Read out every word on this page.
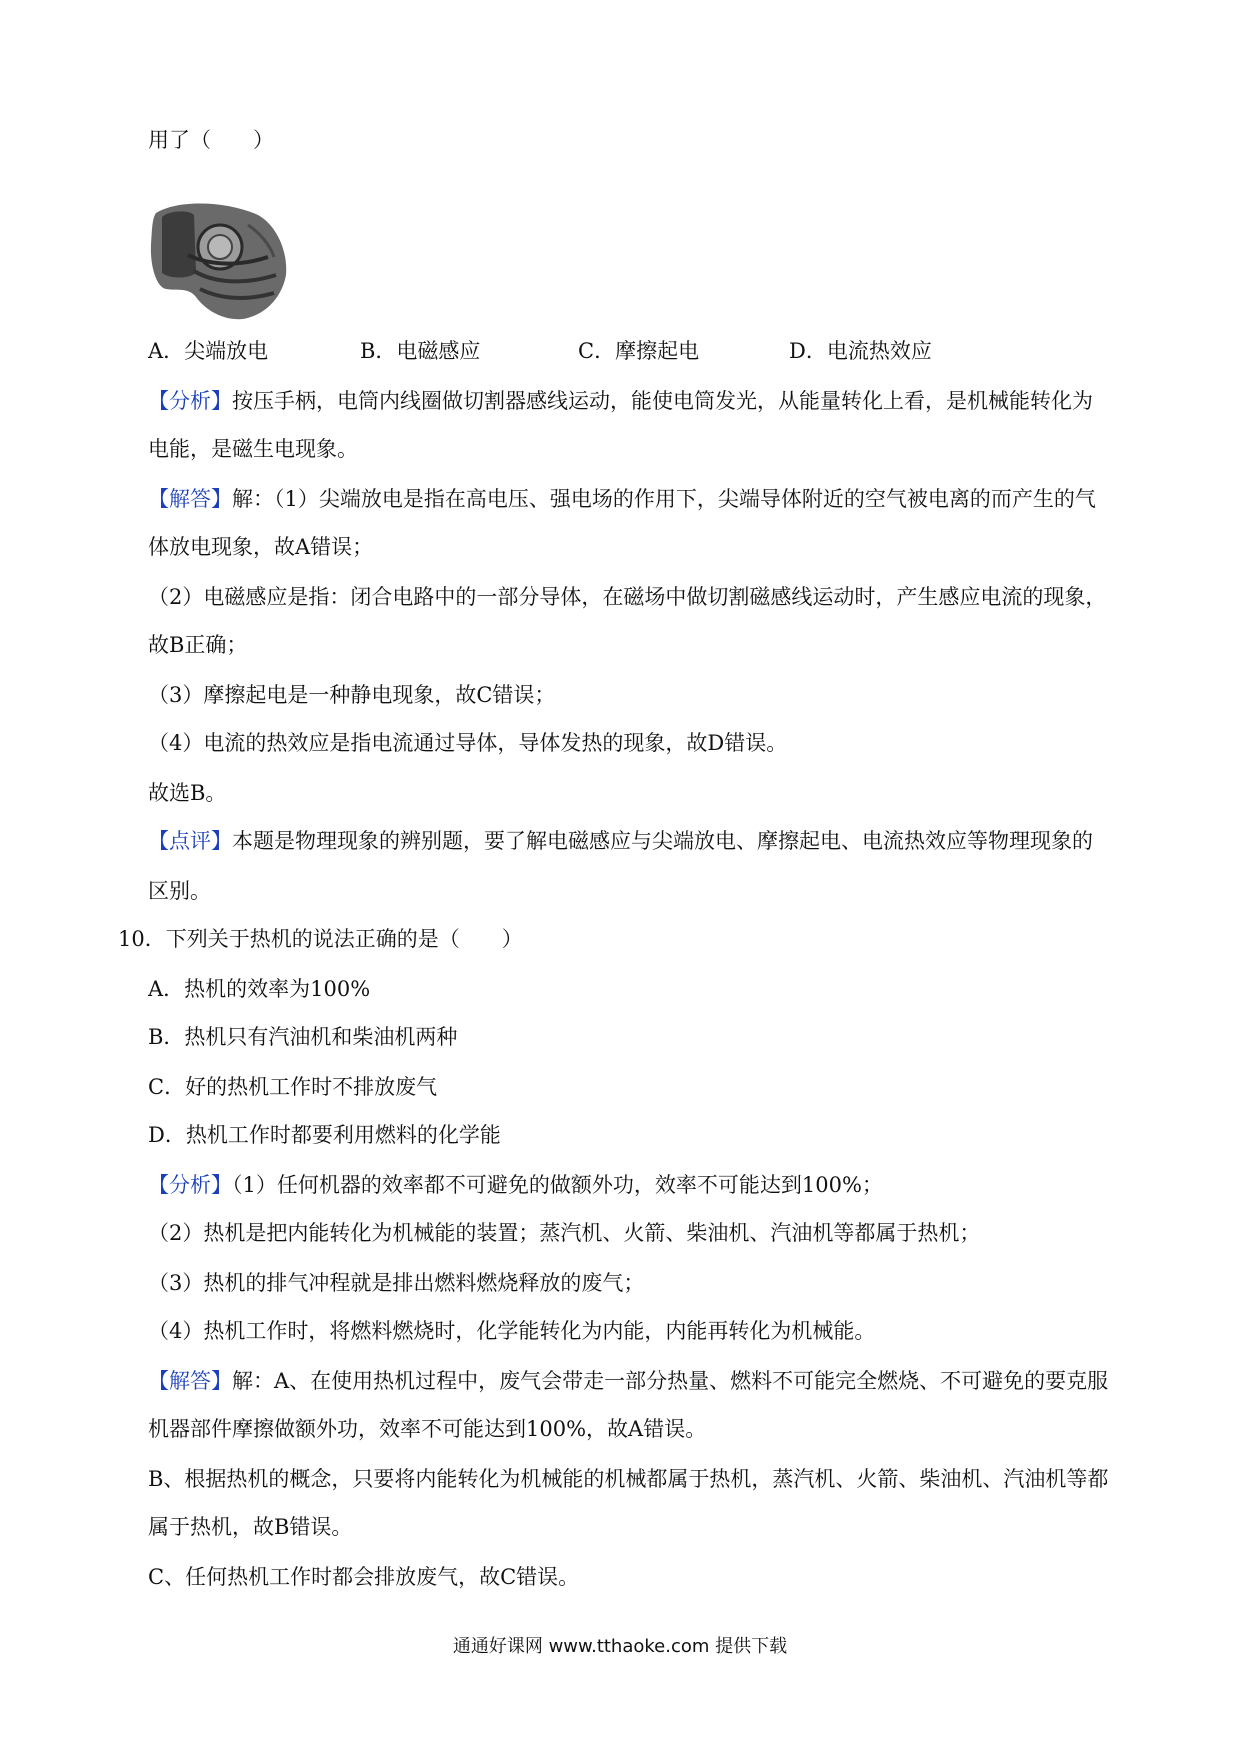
用了（　　）
A．尖端放电	B．电磁感应	C．摩擦起电	D．电流热效应
【分析】按压手柄，电筒内线圈做切割器感线运动，能使电筒发光，从能量转化上看，是机械能转化为
电能，是磁生电现象。
【解答】解：（1）尖端放电是指在高电压、强电场的作用下，尖端导体附近的空气被电离的而产生的气
体放电现象，故A错误；
（2）电磁感应是指：闭合电路中的一部分导体，在磁场中做切割磁感线运动时，产生感应电流的现象，
故B正确；
（3）摩擦起电是一种静电现象，故C错误；
（4）电流的热效应是指电流通过导体，导体发热的现象，故D错误。
故选B。
【点评】本题是物理现象的辨别题，要了解电磁感应与尖端放电、摩擦起电、电流热效应等物理现象的
区别。
10．下列关于热机的说法正确的是（　　）
A．热机的效率为100%
B．热机只有汽油机和柴油机两种
C．好的热机工作时不排放废气
D．热机工作时都要利用燃料的化学能
【分析】（1）任何机器的效率都不可避免的做额外功，效率不可能达到100%；
（2）热机是把内能转化为机械能的装置；蒸汽机、火箭、柴油机、汽油机等都属于热机；
（3）热机的排气冲程就是排出燃料燃烧释放的废气；
（4）热机工作时，将燃料燃烧时，化学能转化为内能，内能再转化为机械能。
【解答】解：A、在使用热机过程中，废气会带走一部分热量、燃料不可能完全燃烧、不可避免的要克服
机器部件摩擦做额外功，效率不可能达到100%，故A错误。
B、根据热机的概念，只要将内能转化为机械能的机械都属于热机，蒸汽机、火箭、柴油机、汽油机等都
属于热机，故B错误。
C、任何热机工作时都会排放废气，故C错误。
通通好课网 www.tthaoke.com 提供下载
